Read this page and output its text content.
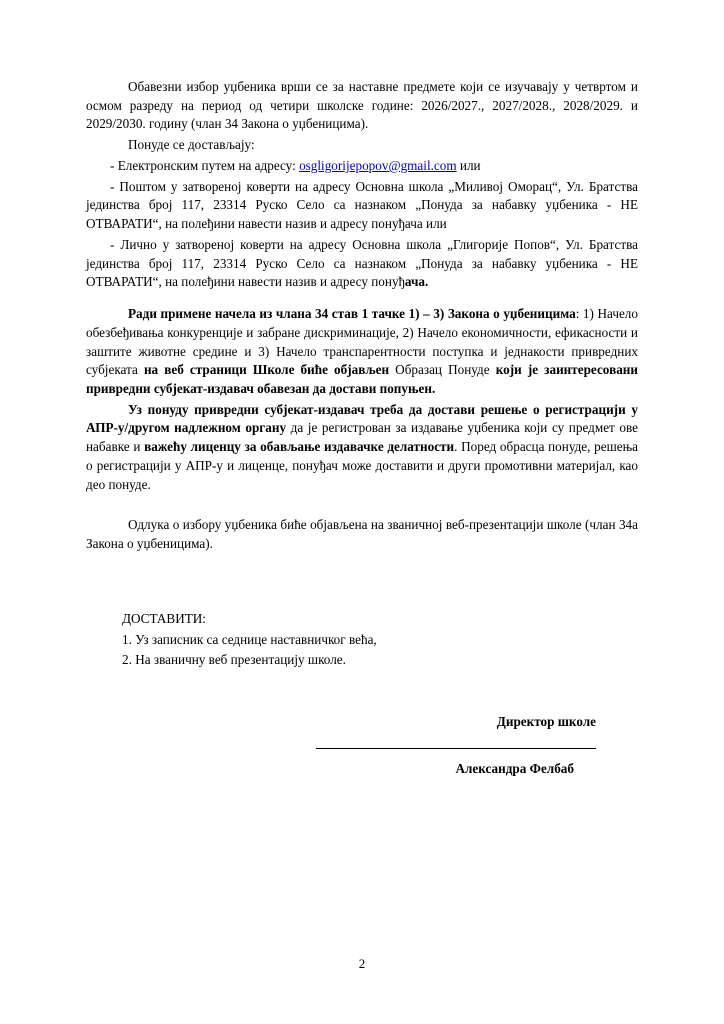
Обавезни избор уџбеника врши се за наставне предмете који се изучавају у четвртом и осмом разреду на период од четири школске године: 2026/2027., 2027/2028., 2028/2029. и 2029/2030. годину (члан 34 Закона о уџбеницима).

Понуде се достављају:

- Електронским путем на адресу: osgligorijepopov@gmail.com или

- Поштом у затвореној коверти на адресу Основна школа „Миливој Оморац“, Ул. Братства јединства број 117, 23314 Руско Село са назнаком „Понуда за набавку уџбеника - НЕ ОТВАРАТИ“, на полеђини навести назив и адресу понуђача или

- Лично у затвореној коверти на адресу Основна школа „Глигорије Попов“, Ул. Братства јединства број 117, 23314 Руско Село са назнаком „Понуда за набавку уџбеника - НЕ ОТВАРАТИ“, на полеђини навести назив и адресу понуђача.

Ради примене начела из члана 34 став 1 тачке 1) – 3) Закона о уџбеницима: 1) Начело обезбеђивања конкуренције и забране дискриминације, 2) Начело економичности, ефикасности и заштите животне средине и 3) Начело транспарентности поступка и једнакости привредних субјеката на веб страници Школе биће објављен Образац Понуде који је заинтересовани привредни субјекат-издавач обавезан да достави попуњен.

Уз понуду привредни субјекат-издавач треба да достави решење о регистрацији у АПР-у/другом надлежном органу да је регистрован за издавање уџбеника који су предмет ове набавке и важећу лиценцу за обављање издавачке делатности. Поред обрасца понуде, решења о регистрацији у АПР-у и лиценце, понуђач може доставити и други промотивни материјал, као део понуде.

Одлука о избору уџбеника биће објављена на званичној веб-презентацији школе (члан 34а Закона о уџбеницима).

ДОСТАВИТИ:

1. Уз записник са седнице наставничког већа,

2. На званичну веб презентацију школе.

Директор школе
Александра Фелбаб
2
